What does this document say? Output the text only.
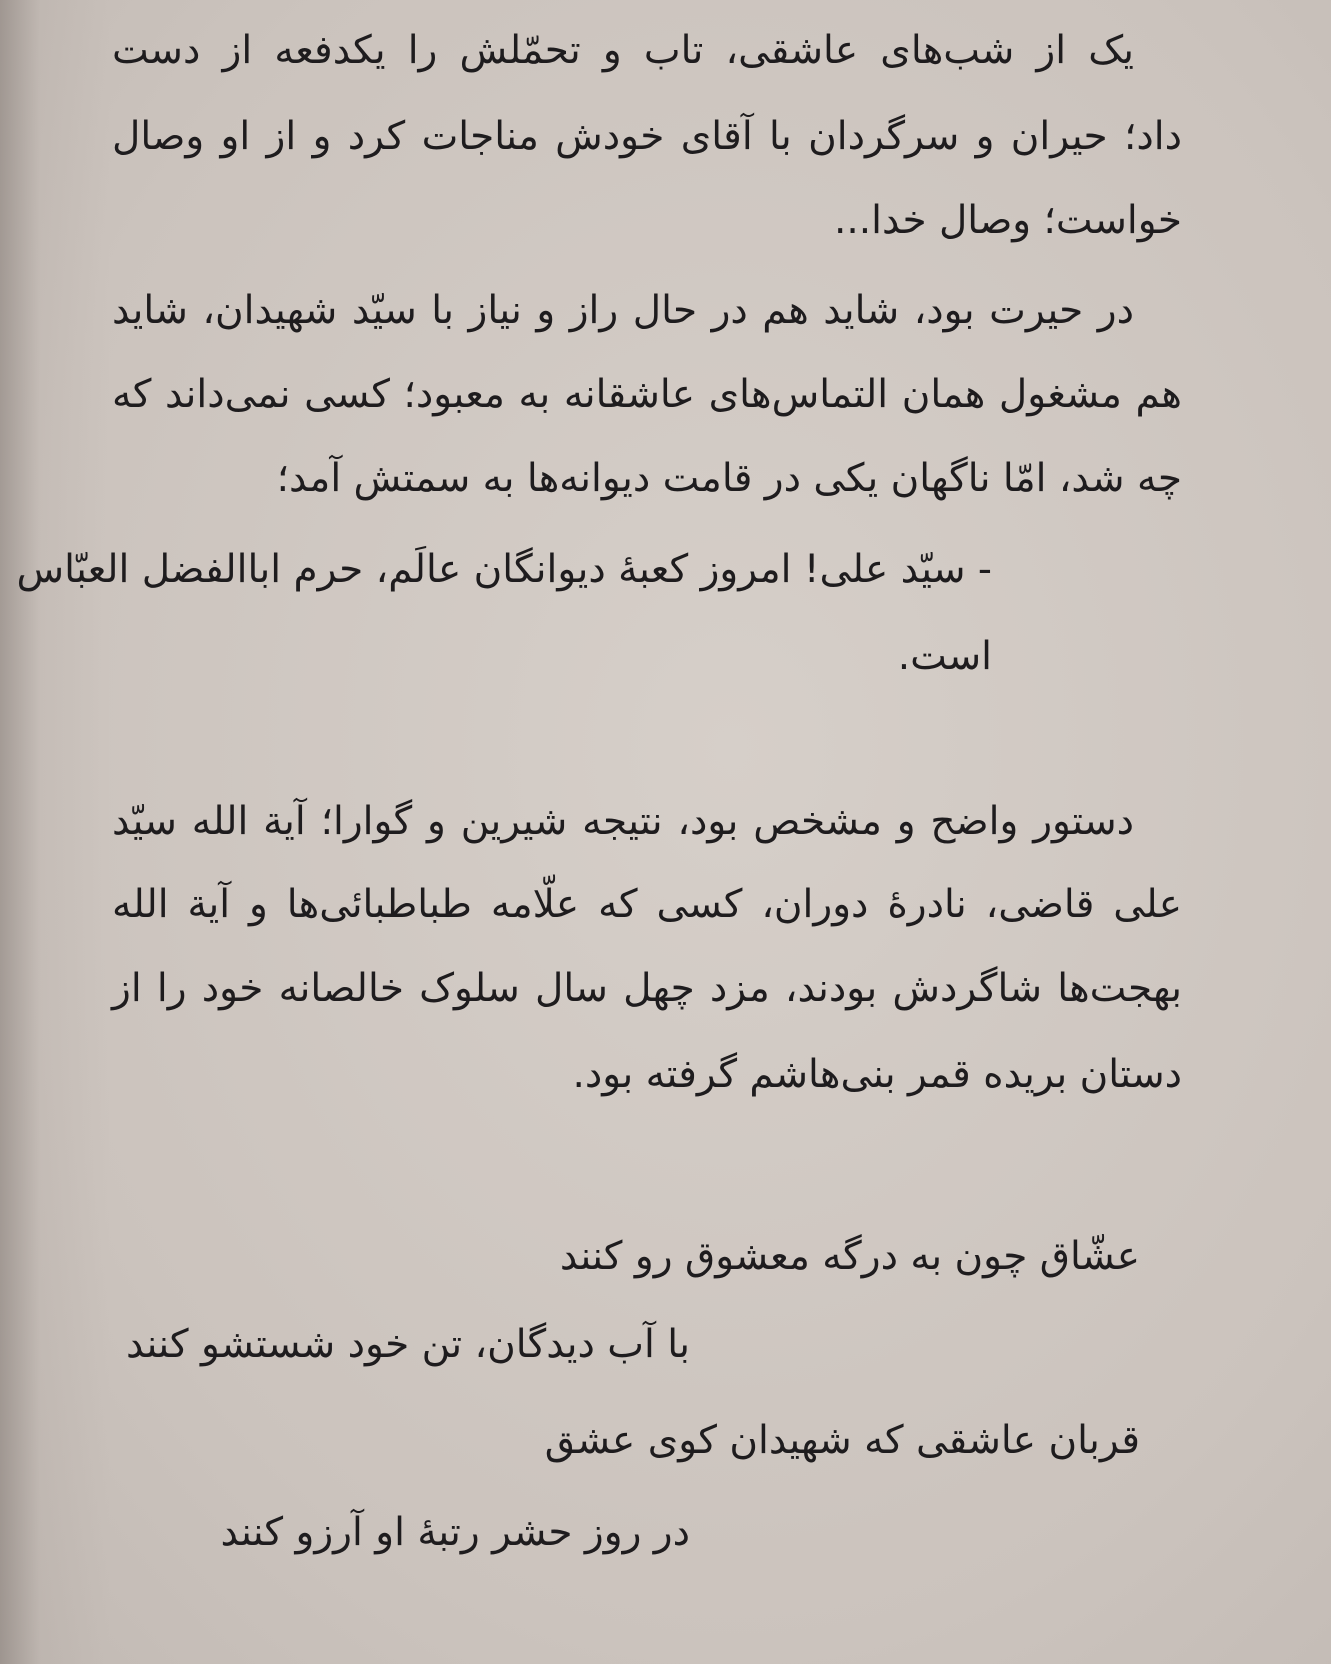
یک از شب‌های عاشقی، تاب و تحمّلش را یکدفعه از دست

داد؛ حیران و سرگردان با آقای خودش مناجات کرد و از او وصال

خواست؛ وصال خدا...

در حیرت بود، شاید هم در حال راز و نیاز با سیّد شهیدان، شاید

هم مشغول همان التماس‌های عاشقانه به معبود؛ کسی نمی‌داند که

چه شد، امّا ناگهان یکی در قامت دیوانه‌ها به سمتش آمد؛

- سیّد علی! امروز کعبهٔ دیوانگان عالَم، حرم اباالفضل العبّاس

است.

دستور واضح و مشخص بود، نتیجه شیرین و گوارا؛ آیة الله سیّد

علی قاضی، نادرهٔ دوران، کسی که علّامه طباطبائی‌ها و آیة الله

بهجت‌ها شاگردش بودند، مزد چهل سال سلوک خالصانه خود را از

دستان بریده قمر بنی‌هاشم گرفته بود.

عشّاق چون به درگه معشوق رو کنند

با آب دیدگان، تن خود شستشو کنند

قربان عاشقی که شهیدان کوی عشق

در روز حشر رتبهٔ او آرزو کنند
